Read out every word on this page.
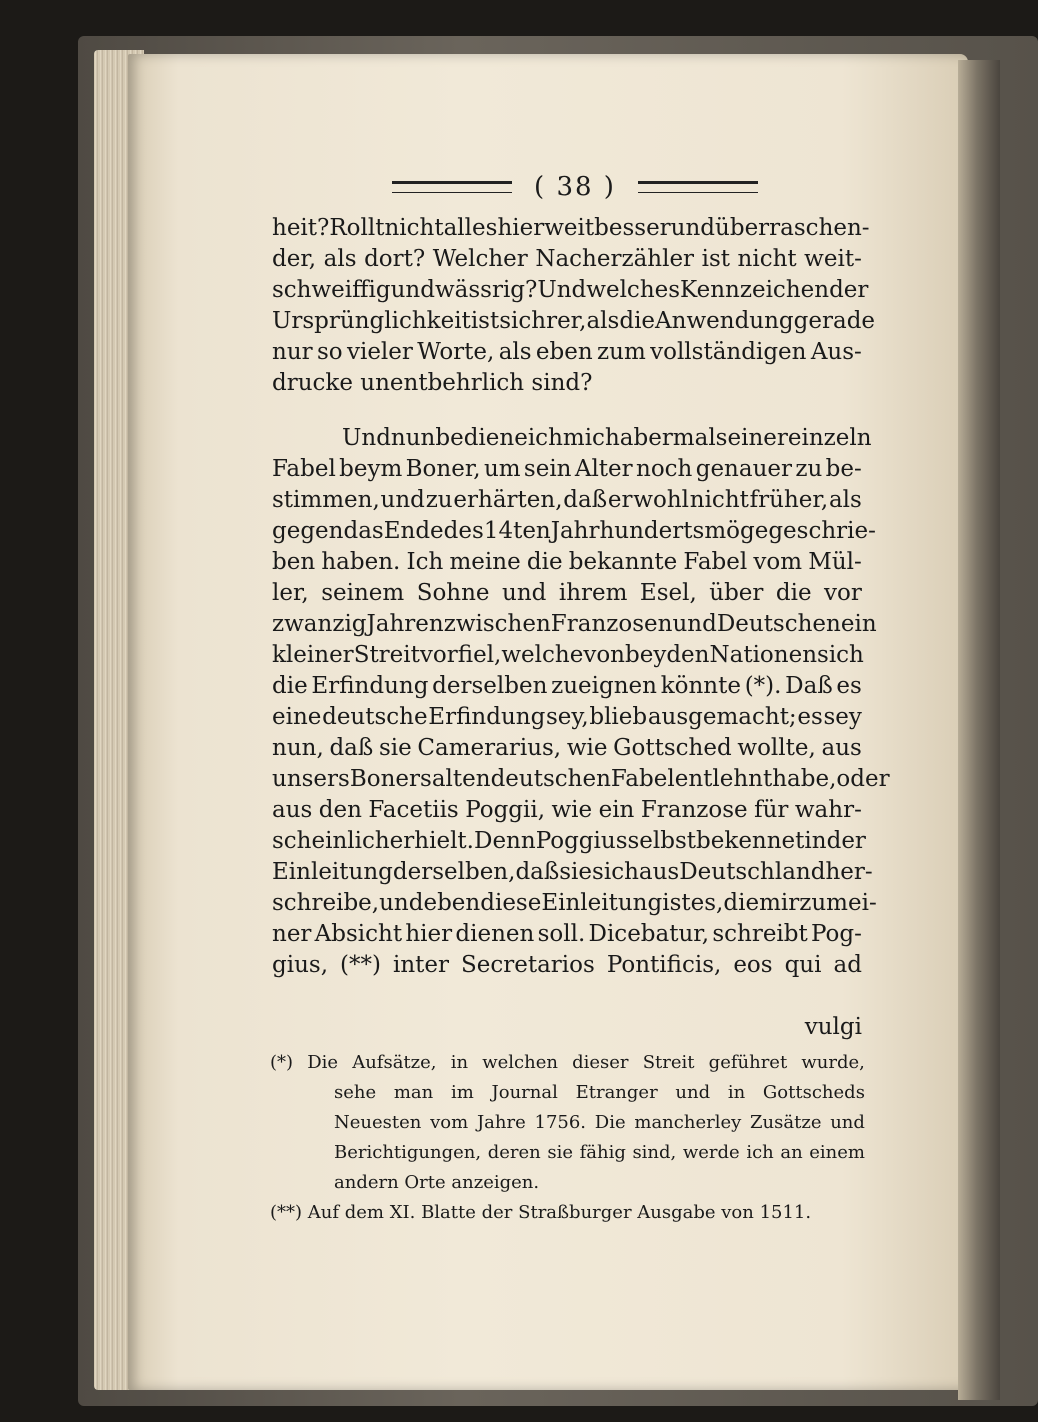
( 38 )
heit?
Rollt
nicht
alles
hier
weit
besser
und
überraschen-
der,
als
dort?
Welcher
Nacherzähler
ist
nicht
weit-
schweiffig
und
wässrig?
Und
welches
Kennzeichen
der
Ursprünglichkeit
ist
sichrer,
als
die
Anwendung
gerade
nur
so
vieler
Worte,
als
eben
zum
vollständigen
Aus-
drucke unentbehrlich sind?
Und
nun
bediene
ich
mich
abermals
einer
einzeln
Fabel
beym
Boner,
um
sein
Alter
noch
genauer
zu
be-
stimmen,
und
zu
erhärten,
daß
er
wohl
nicht
früher,
als
gegen
das
Ende
des
14ten
Jahrhunderts
möge
geschrie-
ben
haben.
Ich
meine
die
bekannte
Fabel
vom
Mül-
ler,
seinem
Sohne
und
ihrem
Esel,
über
die
vor
zwanzig
Jahren
zwischen
Franzosen
und
Deutschen
ein
kleiner
Streit
vorfiel,
welche
von
beyden
Nationen
sich
die
Erfindung
derselben
zueignen
könnte
(*).
Daß
es
eine
deutsche
Erfindung
sey,
blieb
ausgemacht;
es
sey
nun,
daß
sie
Camerarius,
wie
Gottsched
wollte,
aus
unsers
Boners
alten
deutschen
Fabel
entlehnt
habe,
oder
aus
den
Facetiis
Poggii,
wie
ein
Franzose
für
wahr-
scheinlicher
hielt.
Denn
Poggius
selbst
bekennet
in
der
Einleitung
derselben,
daß
sie
sich
aus
Deutschland
her-
schreibe,
und
eben
diese
Einleitung
ist
es,
die
mir
zu
mei-
ner
Absicht
hier
dienen
soll.
Dicebatur,
schreibt
Pog-
gius,
(**)
inter
Secretarios
Pontificis,
eos
qui
ad
vulgi
(*)
Die
Aufsätze,
in
welchen
dieser
Streit
geführet
wurde,
sehe
man
im
Journal
Etranger
und
in
Gottscheds
Neuesten
vom
Jahre
1756.
Die
mancherley
Zusätze
und
Berichtigungen,
deren
sie
fähig
sind,
werde
ich
an
einem
andern Orte anzeigen.
(**) Auf dem XI. Blatte der Straßburger Ausgabe von 1511.
